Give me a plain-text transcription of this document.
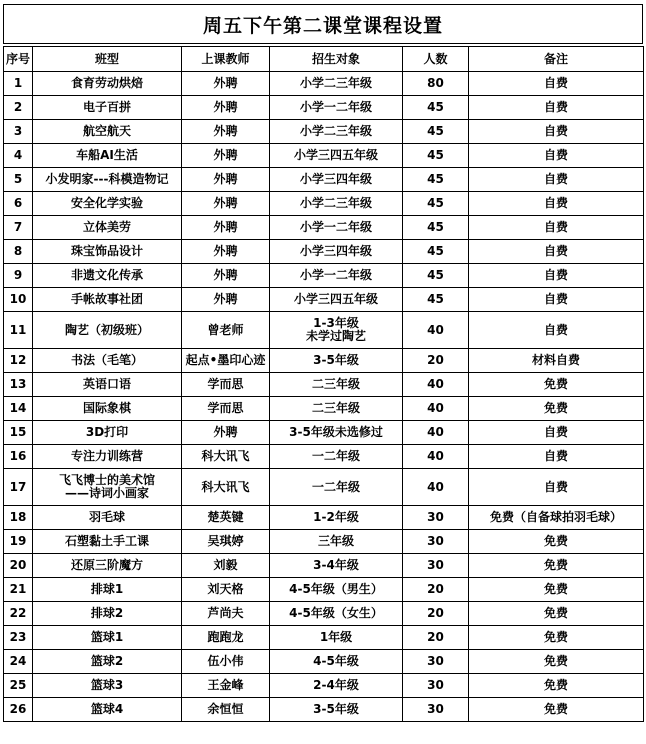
周五下午第二课堂课程设置
序号	班型	上课教师	招生对象	人数	备注
1	食育劳动烘焙	外聘	小学二三年级	80	自费
2	电子百拼	外聘	小学一二年级	45	自费
3	航空航天	外聘	小学二三年级	45	自费
4	车船AI生活	外聘	小学三四五年级	45	自费
5	小发明家---科模造物记	外聘	小学三四年级	45	自费
6	安全化学实验	外聘	小学二三年级	45	自费
7	立体美劳	外聘	小学一二年级	45	自费
8	珠宝饰品设计	外聘	小学三四年级	45	自费
9	非遗文化传承	外聘	小学一二年级	45	自费
10	手帐故事社团	外聘	小学三四五年级	45	自费
11	陶艺（初级班）	曾老师	1-3年级
未学过陶艺	40	自费
12	书法（毛笔）	起点•墨印心迹	3-5年级	20	材料自费
13	英语口语	学而思	二三年级	40	免费
14	国际象棋	学而思	二三年级	40	免费
15	3D打印	外聘	3-5年级未选修过	40	自费
16	专注力训练营	科大讯飞	一二年级	40	自费
17	飞飞博士的美术馆
——诗词小画家	科大讯飞	一二年级	40	自费
18	羽毛球	楚英键	1-2年级	30	免费（自备球拍羽毛球）
19	石塑黏土手工课	吴琪婷	三年级	30	免费
20	还原三阶魔方	刘毅	3-4年级	30	免费
21	排球1	刘天格	4-5年级（男生）	20	免费
22	排球2	芦尚夫	4-5年级（女生）	20	免费
23	篮球1	跑跑龙	1年级	20	免费
24	篮球2	伍小伟	4-5年级	30	免费
25	篮球3	王金峰	2-4年级	30	免费
26	篮球4	余恒恒	3-5年级	30	免费
